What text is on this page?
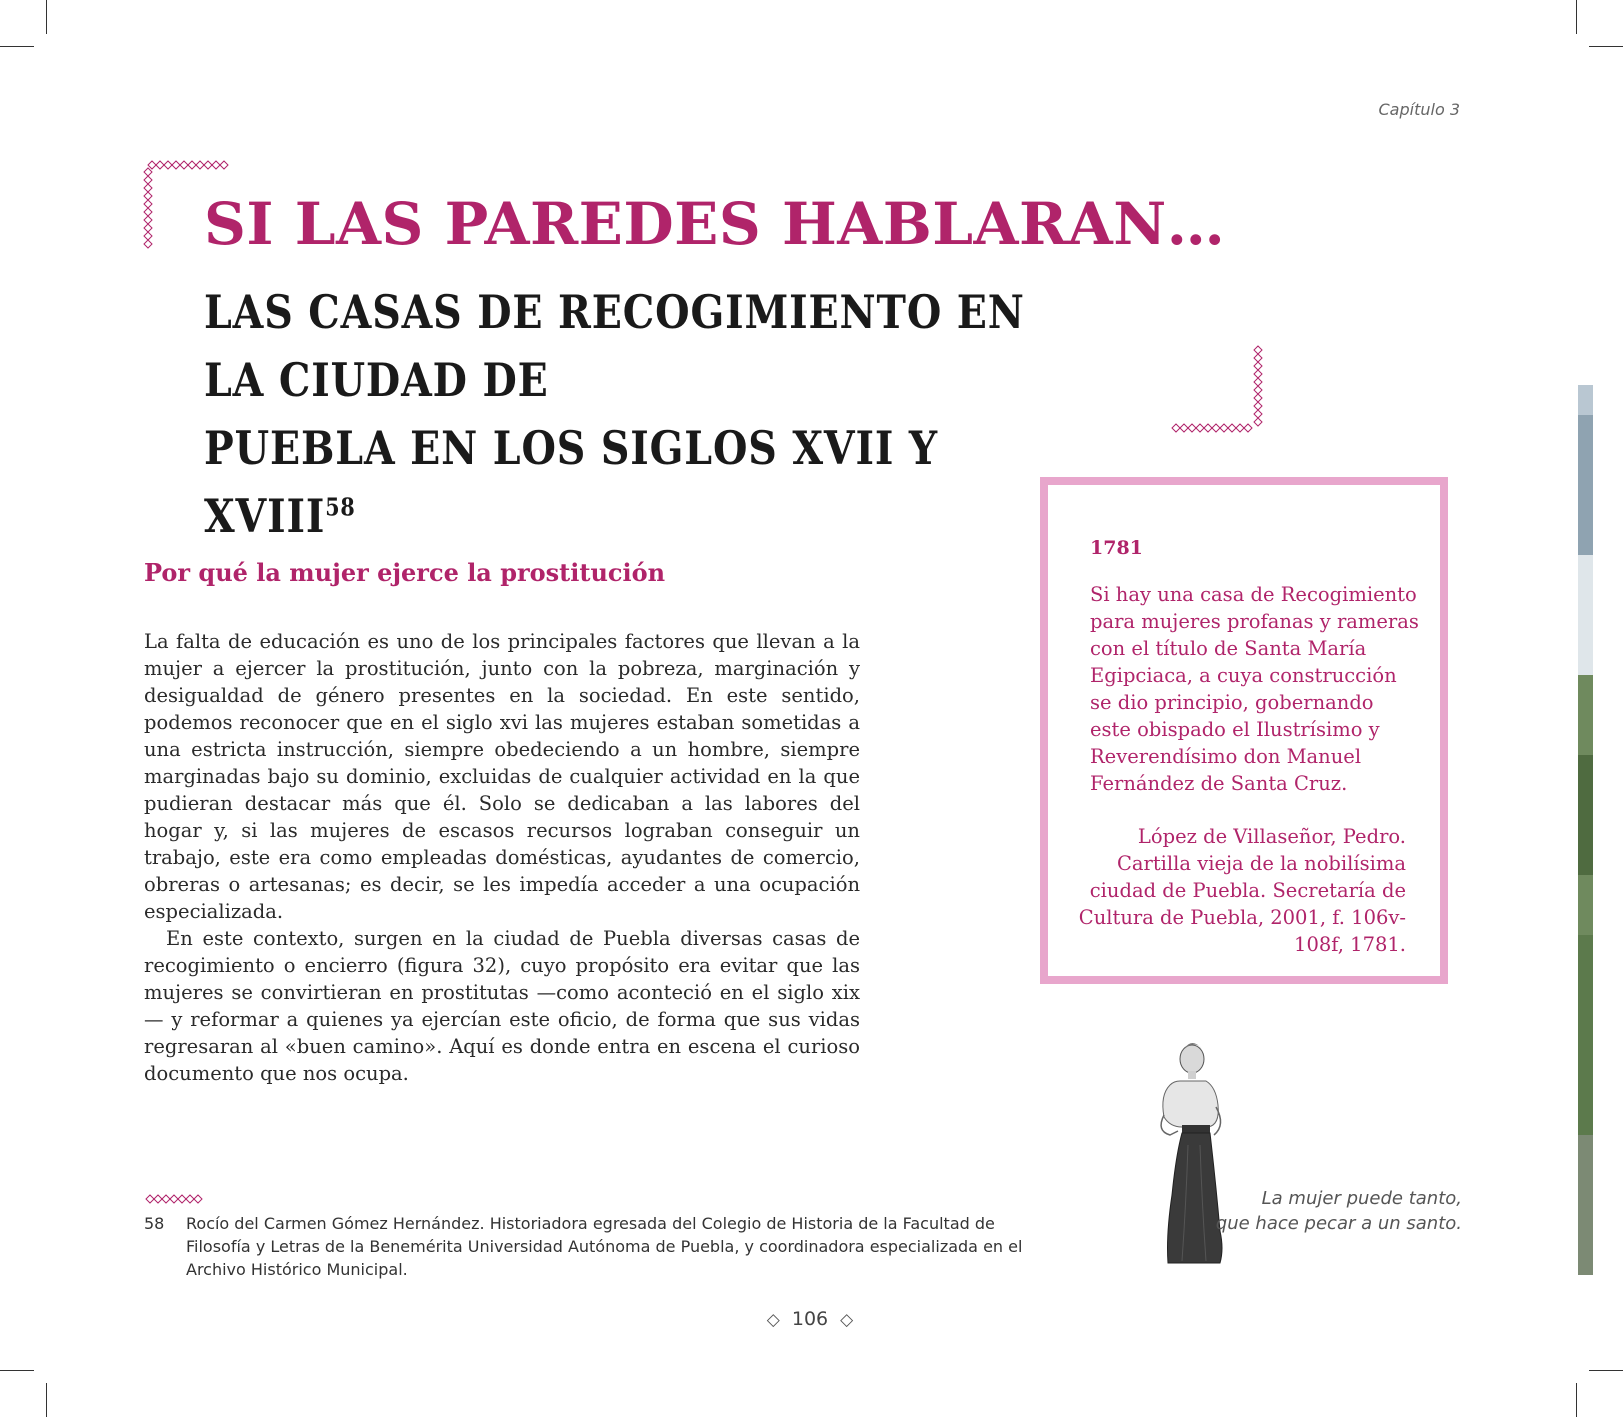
Capítulo 3
SI LAS PAREDES HABLARAN…
LAS CASAS DE RECOGIMIENTO EN LA CIUDAD DE
PUEBLA EN LOS SIGLOS XVII Y XVIII$^{58}$
Por qué la mujer ejerce la prostitución

La falta de educación es uno de los principales factores que llevan a la mujer a ejercer la prostitución, junto con la pobreza, marginación y desigualdad de género presentes en la sociedad. En este sentido, podemos reconocer que en el siglo xvi las mujeres estaban sometidas a una estricta instrucción, siempre obedeciendo a un hombre, siempre marginadas bajo su dominio, excluidas de cualquier actividad en la que pudieran destacar más que él. Solo se dedicaban a las labores del hogar y, si las mujeres de escasos recursos lograban conseguir un trabajo, este era como empleadas domésticas, ayudantes de comercio, obreras o artesanas; es decir, se les impedía acceder a una ocupación especializada.

En este contexto, surgen en la ciudad de Puebla diversas casas de recogimiento o encierro (figura 32), cuyo propósito era evitar que las mujeres se convirtieran en prostitutas —como aconteció en el siglo xix— y reformar a quienes ya ejercían este oficio, de forma que sus vidas regresaran al «buen camino». Aquí es donde entra en escena el curioso documento que nos ocupa.

1781
Si hay una casa de Recogimiento para mujeres profanas y rameras con el título de Santa María Egipciaca, a cuya construcción se dio principio, gobernando este obispado el Ilustrísimo y Reverendísimo don Manuel Fernández de Santa Cruz.
López de Villaseñor, Pedro. Cartilla vieja de la nobilísima ciudad de Puebla. Secretaría de Cultura de Puebla, 2001, f. 106v-108f, 1781.
58 Rocío del Carmen Gómez Hernández. Historiadora egresada del Colegio de Historia de la Facultad de Filosofía y Letras de la Benemérita Universidad Autónoma de Puebla, y coordinadora especializada en el Archivo Histórico Municipal.
La mujer puede tanto,
que hace pecar a un santo.
◇ 106 ◇
